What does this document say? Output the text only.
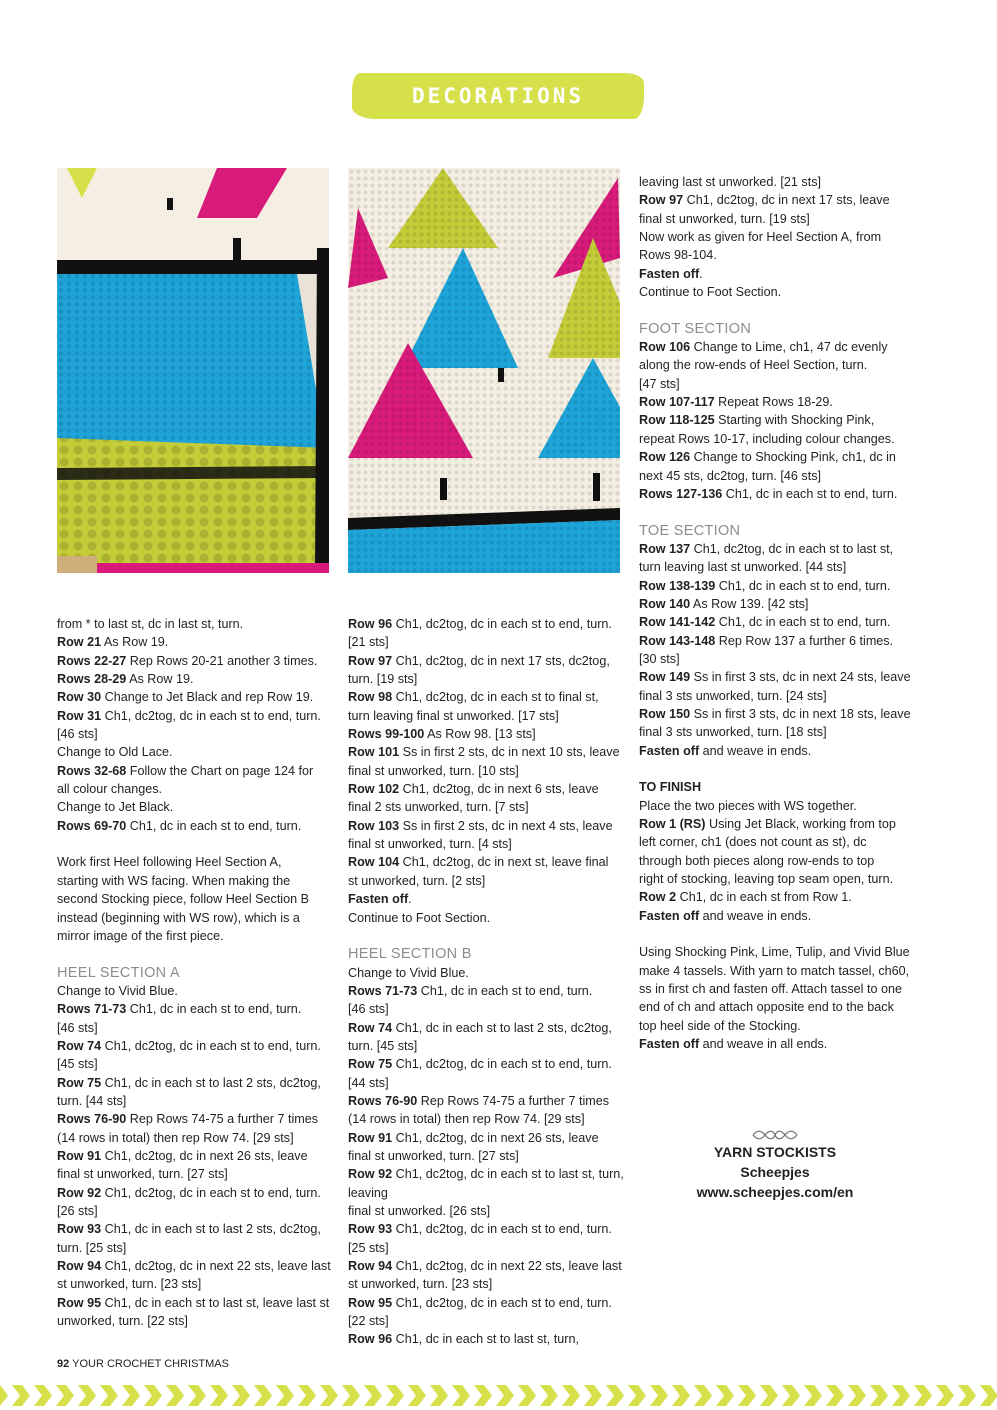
DECORATIONS

from * to last st, dc in last st, turn.

Row 21 As Row 19.

Rows 22-27 Rep Rows 20-21 another 3 times.

Rows 28-29 As Row 19.

Row 30 Change to Jet Black and rep Row 19.

Row 31 Ch1, dc2tog, dc in each st to end, turn.

[46 sts]

Change to Old Lace.

Rows 32-68 Follow the Chart on page 124 for

all colour changes.

Change to Jet Black.

Rows 69-70 Ch1, dc in each st to end, turn.

Work first Heel following Heel Section A,

starting with WS facing. When making the

second Stocking piece, follow Heel Section B

instead (beginning with WS row), which is a

mirror image of the first piece.

HEEL SECTION A

Change to Vivid Blue.

Rows 71-73 Ch1, dc in each st to end, turn.

[46 sts]

Row 74 Ch1, dc2tog, dc in each st to end, turn.

[45 sts]

Row 75 Ch1, dc in each st to last 2 sts, dc2tog,

turn. [44 sts]

Rows 76-90 Rep Rows 74-75 a further 7 times

(14 rows in total) then rep Row 74. [29 sts]

Row 91 Ch1, dc2tog, dc in next 26 sts, leave

final st unworked, turn. [27 sts]

Row 92 Ch1, dc2tog, dc in each st to end, turn.

[26 sts]

Row 93 Ch1, dc in each st to last 2 sts, dc2tog,

turn. [25 sts]

Row 94 Ch1, dc2tog, dc in next 22 sts, leave last

st unworked, turn. [23 sts]

Row 95 Ch1, dc in each st to last st, leave last st

unworked, turn. [22 sts]

Row 96 Ch1, dc2tog, dc in each st to end, turn.

[21 sts]

Row 97 Ch1, dc2tog, dc in next 17 sts, dc2tog,

turn. [19 sts]

Row 98 Ch1, dc2tog, dc in each st to final st,

turn leaving final st unworked. [17 sts]

Rows 99-100 As Row 98. [13 sts]

Row 101 Ss in first 2 sts, dc in next 10 sts, leave

final st unworked, turn. [10 sts]

Row 102 Ch1, dc2tog, dc in next 6 sts, leave

final 2 sts unworked, turn. [7 sts]

Row 103 Ss in first 2 sts, dc in next 4 sts, leave

final st unworked, turn. [4 sts]

Row 104 Ch1, dc2tog, dc in next st, leave final

st unworked, turn. [2 sts]

Fasten off.

Continue to Foot Section.

HEEL SECTION B

Change to Vivid Blue.

Rows 71-73 Ch1, dc in each st to end, turn.

[46 sts]

Row 74 Ch1, dc in each st to last 2 sts, dc2tog,

turn. [45 sts]

Row 75 Ch1, dc2tog, dc in each st to end, turn.

[44 sts]

Rows 76-90 Rep Rows 74-75 a further 7 times

(14 rows in total) then rep Row 74. [29 sts]

Row 91 Ch1, dc2tog, dc in next 26 sts, leave

final st unworked, turn. [27 sts]

Row 92 Ch1, dc2tog, dc in each st to last st, turn, leaving

final st unworked. [26 sts]

Row 93 Ch1, dc2tog, dc in each st to end, turn.

[25 sts]

Row 94 Ch1, dc2tog, dc in next 22 sts, leave last

st unworked, turn. [23 sts]

Row 95 Ch1, dc2tog, dc in each st to end, turn.

[22 sts]

Row 96 Ch1, dc in each st to last st, turn,

leaving last st unworked. [21 sts]

Row 97 Ch1, dc2tog, dc in next 17 sts, leave

final st unworked, turn. [19 sts]

Now work as given for Heel Section A, from

Rows 98-104.

Fasten off.

Continue to Foot Section.

FOOT SECTION

Row 106 Change to Lime, ch1, 47 dc evenly

along the row-ends of Heel Section, turn.

[47 sts]

Row 107-117 Repeat Rows 18-29.

Row 118-125 Starting with Shocking Pink,

repeat Rows 10-17, including colour changes.

Row 126 Change to Shocking Pink, ch1, dc in

next 45 sts, dc2tog, turn. [46 sts]

Rows 127-136 Ch1, dc in each st to end, turn.

TOE SECTION

Row 137 Ch1, dc2tog, dc in each st to last st,

turn leaving last st unworked. [44 sts]

Row 138-139 Ch1, dc in each st to end, turn.

Row 140 As Row 139. [42 sts]

Row 141-142 Ch1, dc in each st to end, turn.

Row 143-148 Rep Row 137 a further 6 times.

[30 sts]

Row 149 Ss in first 3 sts, dc in next 24 sts, leave

final 3 sts unworked, turn. [24 sts]

Row 150 Ss in first 3 sts, dc in next 18 sts, leave

final 3 sts unworked, turn. [18 sts]

Fasten off and weave in ends.

TO FINISH

Place the two pieces with WS together.

Row 1 (RS) Using Jet Black, working from top

left corner, ch1 (does not count as st), dc

through both pieces along row-ends to top

right of stocking, leaving top seam open, turn.

Row 2 Ch1, dc in each st from Row 1.

Fasten off and weave in ends.

Using Shocking Pink, Lime, Tulip, and Vivid Blue

make 4 tassels. With yarn to match tassel, ch60,

ss in first ch and fasten off. Attach tassel to one

end of ch and attach opposite end to the back

top heel side of the Stocking.

Fasten off and weave in all ends.

YARN STOCKISTS
Scheepjes
www.scheepjes.com/en
92 YOUR CROCHET CHRISTMAS
